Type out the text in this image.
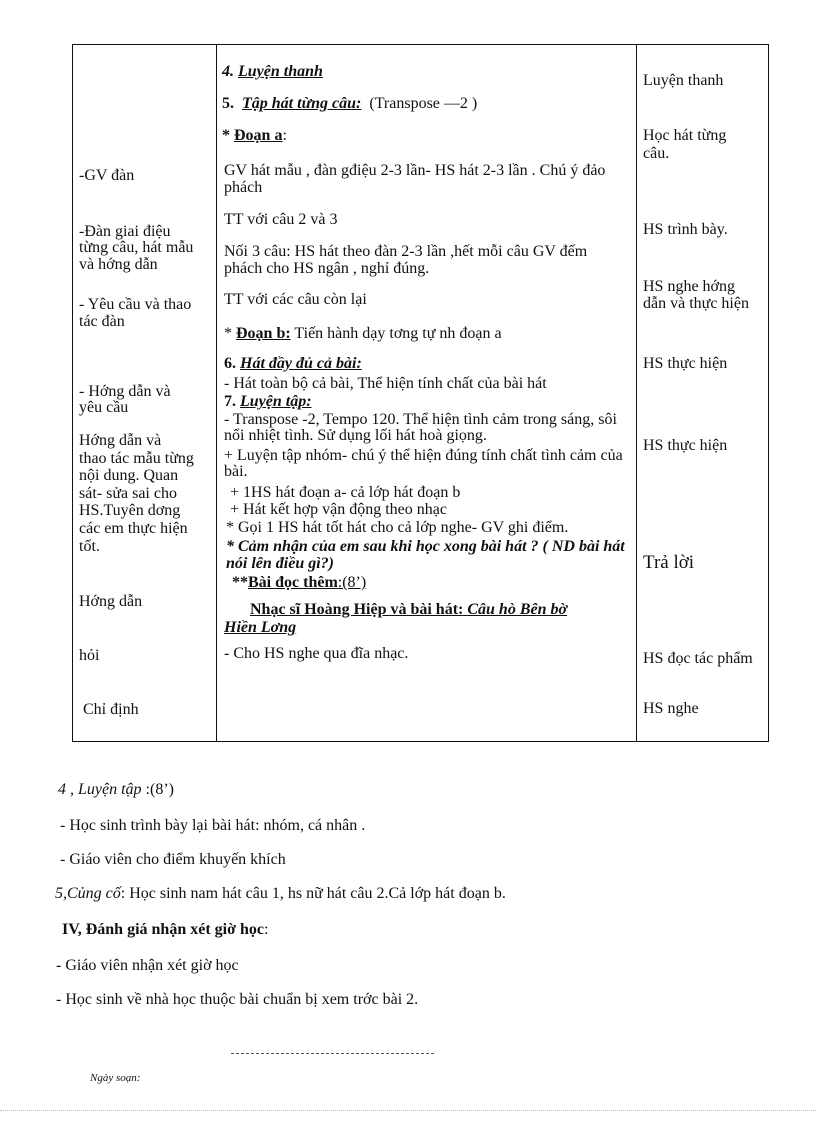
-GV đàn
-Đàn giai điệu
từng câu, hát mẫu
và hớng dẫn
- Yêu cầu và thao
tác đàn
- Hớng dẫn và
yêu cầu
Hớng dẫn và
thao tác mẫu từng
nội dung. Quan
sát- sửa sai cho
HS.Tuyên dơng
các em thực hiện
tốt.
Hớng dẫn
hỏi
Chỉ định
4. Luyện thanh
5. Tập hát từng câu: (Transpose —2 )
* Đoạn a:
GV hát mẫu , đàn gđiệu 2-3 lần- HS hát 2-3 lần . Chú ý đảo phách
TT với câu 2 và 3
Nối 3 câu: HS hát theo đàn 2-3 lần ,hết mỗi câu GV đếm phách cho HS ngân , nghỉ đúng.
TT với các câu còn lại
* Đoạn b: Tiến hành dạy tơng tự nh đoạn a
6. Hát đầy đủ cả bài:
- Hát toàn bộ cả bài, Thể hiện tính chất của bài hát
7. Luyện tập:
- Transpose -2, Tempo 120. Thể hiện tình cảm trong sáng, sôi nổi nhiệt tình. Sử dụng lối hát hoà giọng.
+ Luyện tập nhóm- chú ý thể hiện đúng tính chất tình cảm của bài.
+ 1HS hát đoạn a- cả lớp hát đoạn b
+ Hát kết hợp vận động theo nhạc
* Gọi 1 HS hát tốt hát cho cả lớp nghe- GV ghi điểm.
* Cảm nhận của em sau khi học xong bài hát ? ( ND bài hát nói lên điều gì?)
**Bài đọc thêm:(8’)
Nhạc sĩ Hoàng Hiệp và bài hát: Câu hò Bên bờ
Hiền Lơng
- Cho HS nghe qua đĩa nhạc.
Luyện thanh
Học hát từng
câu.
HS trình bày.
HS nghe hớng
dẫn và thực hiện
HS thực hiện
HS thực hiện
Trả lời
HS đọc tác phẩm
HS nghe
4 , Luyện tập :(8’)
- Học sinh trình bày lại bài hát: nhóm, cá nhân .
- Giáo viên cho điểm khuyến khích
5,Củng cố: Học sinh nam hát câu 1, hs nữ hát câu 2.Cả lớp hát đoạn b.
IV, Đánh giá nhận xét giờ học:
- Giáo viên nhận xét giờ học
- Học sinh về nhà học thuộc bài chuẩn bị xem trớc bài 2.
Ngày soạn:
